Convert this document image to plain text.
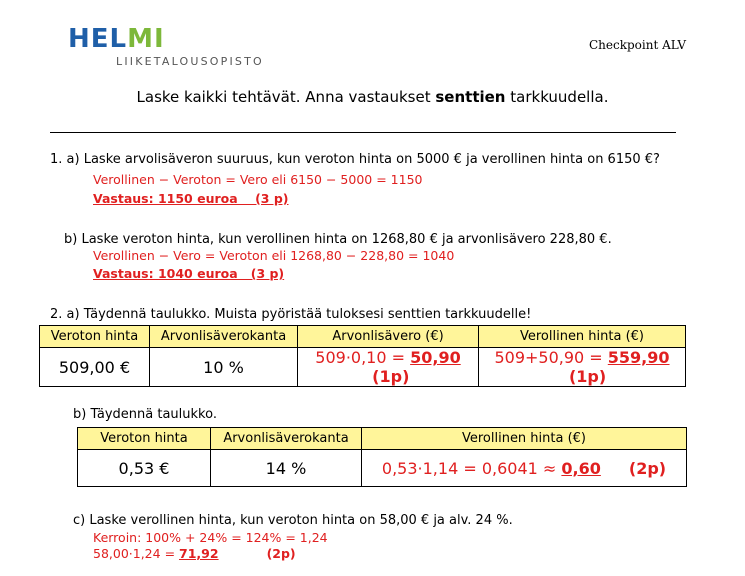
HELMI
LIIKETALOUSOPISTO
Checkpoint ALV
Laske kaikki tehtävät. Anna vastaukset senttien tarkkuudella.
1. a) Laske arvolisäveron suuruus, kun veroton hinta on 5000 € ja verollinen hinta on 6150 €?
Verollinen − Veroton = Vero eli 6150 − 5000 = 1150
Vastaus: 1150 euroa    (3 p)
b) Laske veroton hinta, kun verollinen hinta on 1268,80 € ja arvonlisävero 228,80 €.
Verollinen − Vero = Veroton eli 1268,80 − 228,80 = 1040
Vastaus: 1040 euroa   (3 p)
2. a) Täydennä taulukko. Muista pyöristää tuloksesi senttien tarkkuudelle!
Veroton hinta	Arvonlisäverokanta	Arvonlisävero (€)	Verollinen hinta (€)
509,00 €	10 %	509·0,10 = 50,90 (1p)	509+50,90 = 559,90  (1p)
b) Täydennä taulukko.
Veroton hinta	Arvonlisäverokanta	Verollinen hinta (€)
0,53 €	14 %	0,53·1,14 = 0,6041 ≈ 0,60 (2p)
c) Laske verollinen hinta, kun veroton hinta on 58,00 € ja alv. 24 %.
Kerroin: 100% + 24% = 124% = 1,24
58,00·1,24 = 71,92	(2p)
